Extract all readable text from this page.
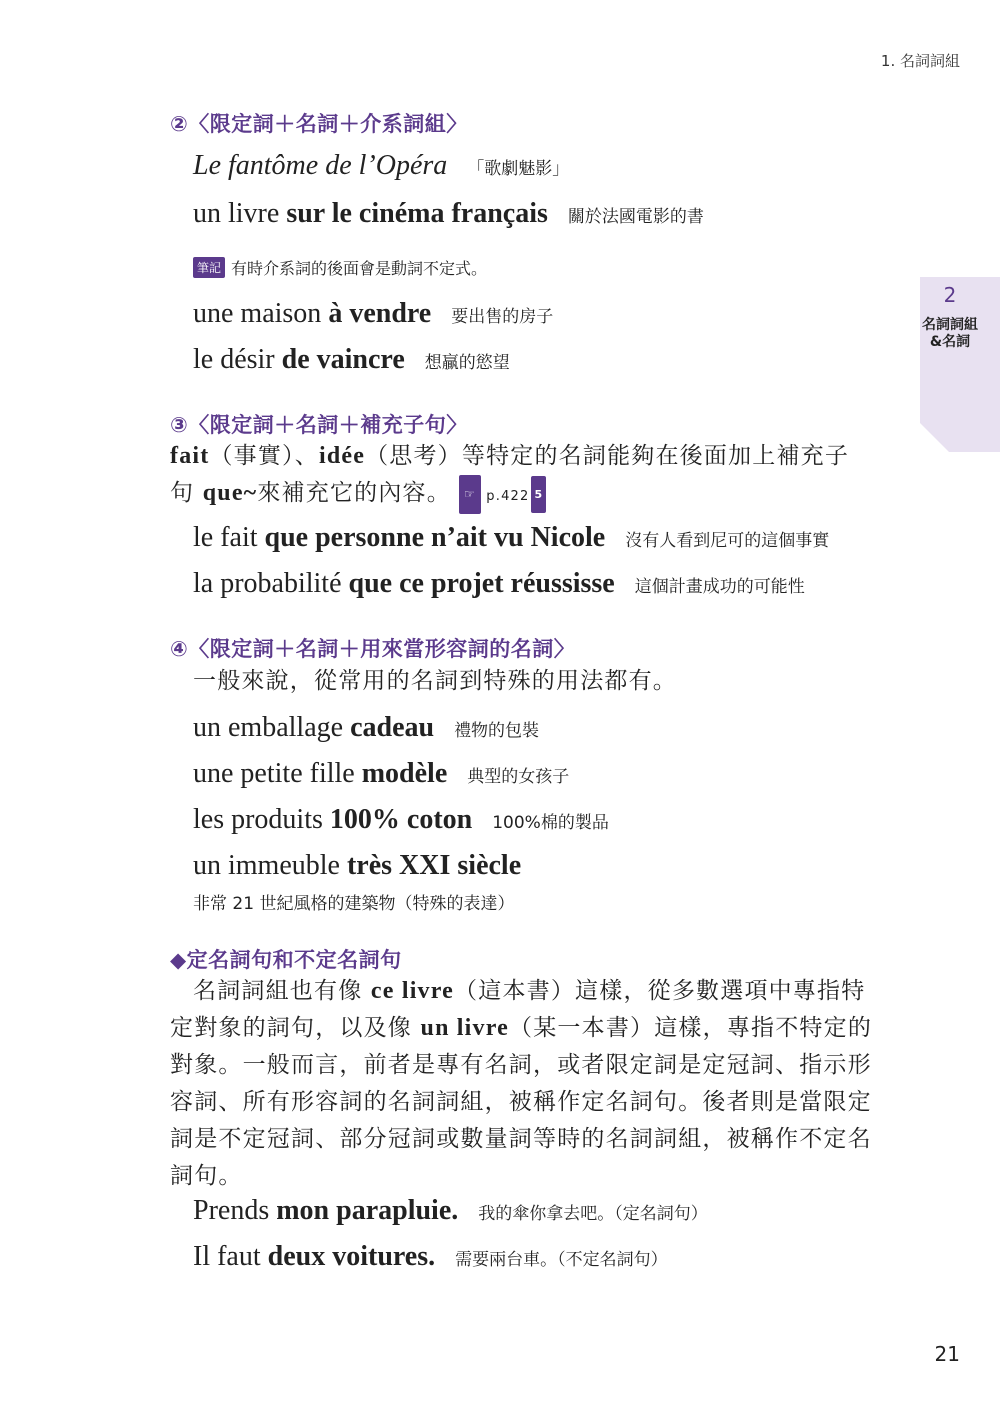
1. 名詞詞組
2
名詞詞組&名詞
②〈限定詞＋名詞＋介系詞組〉
Le fantôme de l’Opéra 「歌劇魅影」
un livre sur le cinéma français 關於法國電影的書
筆記 有時介系詞的後面會是動詞不定式。
une maison à vendre 要出售的房子
le désir de vaincre 想贏的慾望
③〈限定詞＋名詞＋補充子句〉
fait（事實）、idée（思考）等特定的名詞能夠在後面加上補充子
句 que~來補充它的內容。 ☞ p.422 5
le fait que personne n’ait vu Nicole 沒有人看到尼可的這個事實
la probabilité que ce projet réussisse 這個計畫成功的可能性
④〈限定詞＋名詞＋用來當形容詞的名詞〉
一般來說，從常用的名詞到特殊的用法都有。
un emballage cadeau 禮物的包裝
une petite fille modèle 典型的女孩子
les produits 100% coton 100%棉的製品
un immeuble très XXI siècle
非常 21 世紀風格的建築物（特殊的表達）
◆定名詞句和不定名詞句
名詞詞組也有像 ce livre（這本書）這樣，從多數選項中專指特定對象的詞句，以及像 un livre（某一本書）這樣，專指不特定的對象。一般而言，前者是專有名詞，或者限定詞是定冠詞、指示形容詞、所有形容詞的名詞詞組，被稱作定名詞句。後者則是當限定詞是不定冠詞、部分冠詞或數量詞等時的名詞詞組，被稱作不定名詞句。
Prends mon parapluie. 我的傘你拿去吧。（定名詞句）
Il faut deux voitures. 需要兩台車。（不定名詞句）
21
